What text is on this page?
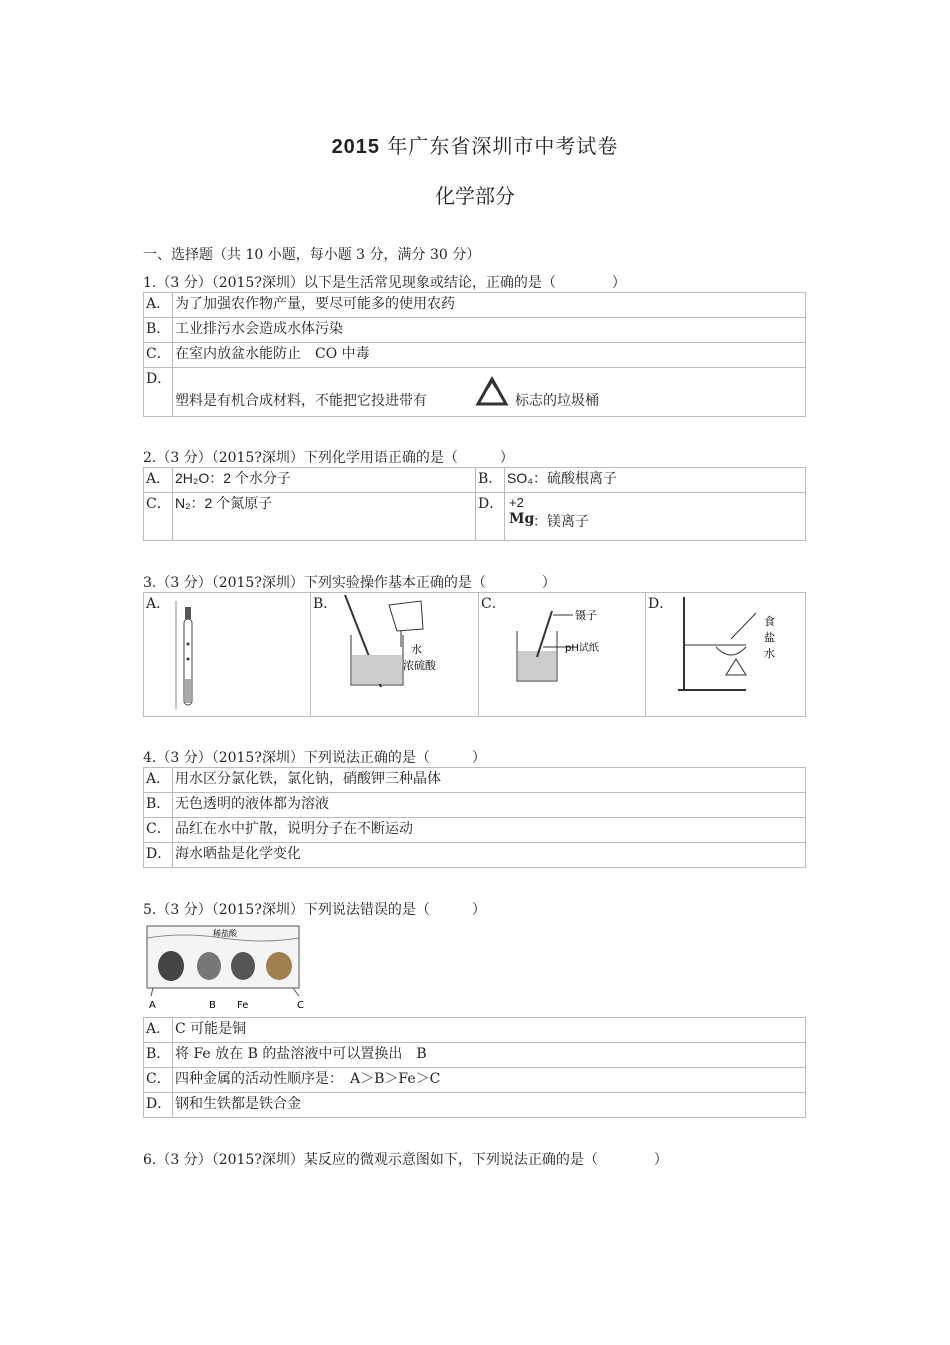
2015 年广东省深圳市中考试卷
化学部分
一、选择题（共 10 小题，每小题 3 分，满分 30 分）
1.（3 分）（2015?深圳）以下是生活常见现象或结论，正确的是（　　　　）
A．	为了加强农作物产量，要尽可能多的使用农药
B．	工业排污水会造成水体污染
C．	在室内放盆水能防止　CO 中毒
D．	塑料是有机合成材料，不能把它投进带有 标志的垃圾桶
2.（3 分）（2015?深圳）下列化学用语正确的是（　　　）
A．	2H₂O：2 个水分子	B．	SO₄：硫酸根离子
C．	N₂：2 个氮原子	D．	+2
Mg
：镁离子
3.（3 分）（2015?深圳）下列实验操作基本正确的是（　　　　）
A．	B．
水
浓硫酸
	C．
镊子
pH试纸
	D．
食
盐
水
4.（3 分）（2015?深圳）下列说法正确的是（　　　）
A．	用水区分氯化铁，氯化钠，硝酸钾三种晶体
B．	无色透明的液体都为溶液
C．	品红在水中扩散，说明分子在不断运动
D．	海水晒盐是化学变化
5.（3 分）（2015?深圳）下列说法错误的是（　　　）
稀盐酸
A	B Fe	C
A．	C 可能是铜
B．	将 Fe 放在 B 的盐溶液中可以置换出　B
C．	四种金属的活动性顺序是：　A＞B＞Fe＞C
D．	钢和生铁都是铁合金
6.（3 分）（2015?深圳）某反应的微观示意图如下，下列说法正确的是（　　　　）
